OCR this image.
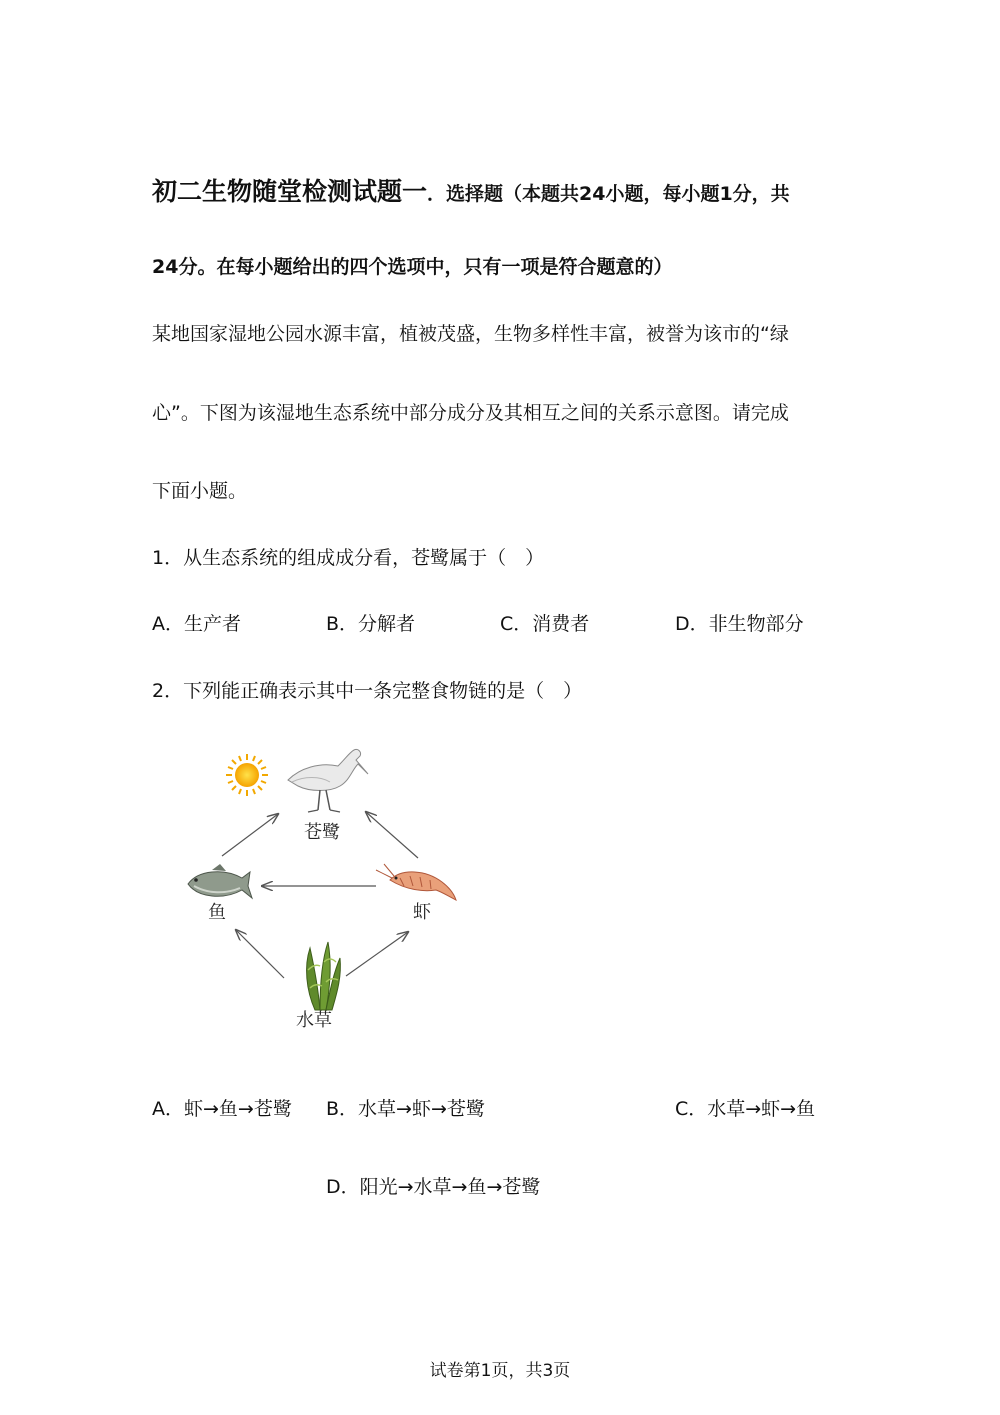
初二生物随堂检测试题一．选择题（本题共24小题，每小题1分，共
24分。在每小题给出的四个选项中，只有一项是符合题意的）
某地国家湿地公园水源丰富，植被茂盛，生物多样性丰富，被誉为该市的“绿
心”。下图为该湿地生态系统中部分成分及其相互之间的关系示意图。请完成
下面小题。
1．从生态系统的组成成分看，苍鹭属于（　）
A．生产者	B．分解者	C．消费者	D．非生物部分
2．下列能正确表示其中一条完整食物链的是（　）
苍鹭
鱼	虾
水草
A．虾→鱼→苍鹭 B．水草→虾→苍鹭	C．水草→虾→鱼
D．阳光→水草→鱼→苍鹭
试卷第1页，共3页
